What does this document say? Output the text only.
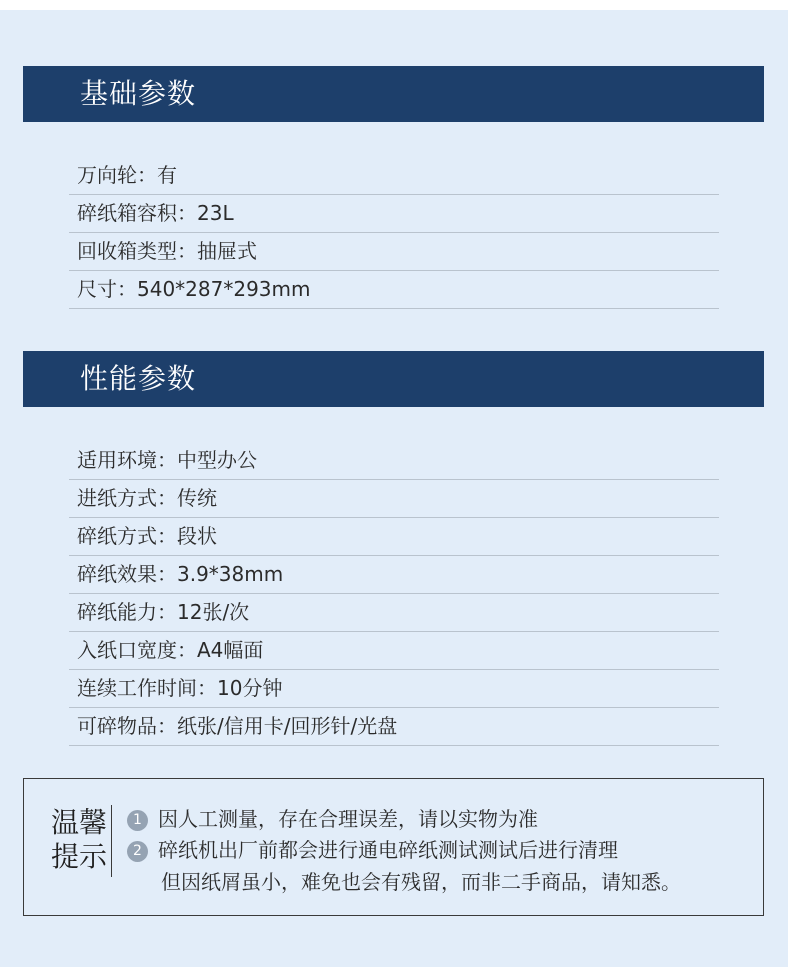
基础参数
万向轮：有
碎纸箱容积：23L
回收箱类型：抽屉式
尺寸：540*287*293mm
性能参数
适用环境：中型办公
进纸方式：传统
碎纸方式：段状
碎纸效果：3.9*38mm
碎纸能力：12张/次
入纸口宽度：A4幅面
连续工作时间：10分钟
可碎物品：纸张/信用卡/回形针/光盘
温馨
提示
1 因人工测量，存在合理误差，请以实物为准
2 碎纸机出厂前都会进行通电碎纸测试测试后进行清理
但因纸屑虽小，难免也会有残留，而非二手商品，请知悉。
